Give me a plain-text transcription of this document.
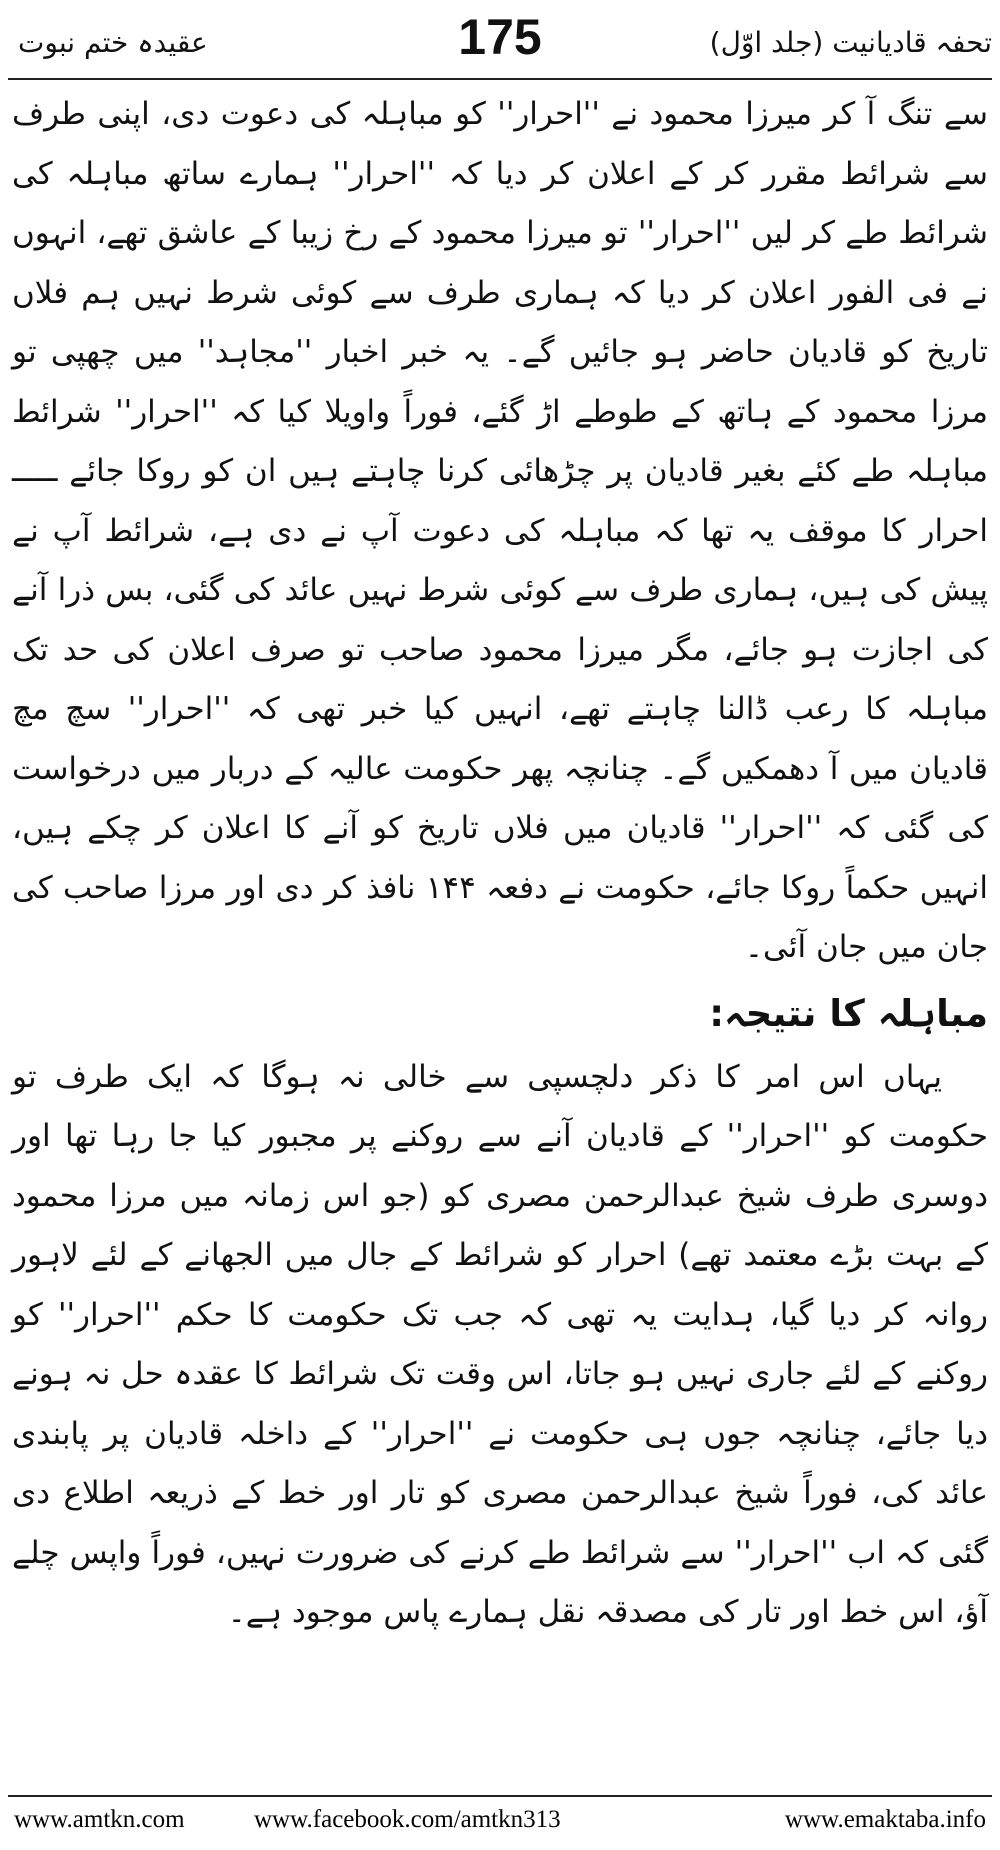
تحفہ قادیانیت (جلد اوّل)
175
عقیدہ ختم نبوت

سے تنگ آ کر میرزا محمود نے ''احرار'' کو مباہلہ کی دعوت دی، اپنی طرف سے شرائط مقرر کر کے اعلان کر دیا کہ ''احرار'' ہمارے ساتھ مباہلہ کی شرائط طے کر لیں ''احرار'' تو میرزا محمود کے رخ زیبا کے عاشق تھے، انہوں نے فی الفور اعلان کر دیا کہ ہماری طرف سے کوئی شرط نہیں ہم فلاں تاریخ کو قادیان حاضر ہو جائیں گے۔ یہ خبر اخبار ''مجاہد'' میں چھپی تو مرزا محمود کے ہاتھ کے طوطے اڑ گئے، فوراً واویلا کیا کہ ''احرار'' شرائط مباہلہ طے کئے بغیر قادیان پر چڑھائی کرنا چاہتے ہیں ان کو روکا جائے ـــــ احرار کا موقف یہ تھا کہ مباہلہ کی دعوت آپ نے دی ہے، شرائط آپ نے پیش کی ہیں، ہماری طرف سے کوئی شرط نہیں عائد کی گئی، بس ذرا آنے کی اجازت ہو جائے، مگر میرزا محمود صاحب تو صرف اعلان کی حد تک مباہلہ کا رعب ڈالنا چاہتے تھے، انہیں کیا خبر تھی کہ ''احرار'' سچ مچ قادیان میں آ دھمکیں گے۔ چنانچہ پھر حکومت عالیہ کے دربار میں درخواست کی گئی کہ ''احرار'' قادیان میں فلاں تاریخ کو آنے کا اعلان کر چکے ہیں، انہیں حکماً روکا جائے، حکومت نے دفعہ ۱۴۴ نافذ کر دی اور مرزا صاحب کی جان میں جان آئی۔

مباہلہ کا نتیجہ:

یہاں اس امر کا ذکر دلچسپی سے خالی نہ ہوگا کہ ایک طرف تو حکومت کو ''احرار'' کے قادیان آنے سے روکنے پر مجبور کیا جا رہا تھا اور دوسری طرف شیخ عبدالرحمن مصری کو (جو اس زمانہ میں مرزا محمود کے بہت بڑے معتمد تھے) احرار کو شرائط کے جال میں الجھانے کے لئے لاہور روانہ کر دیا گیا، ہدایت یہ تھی کہ جب تک حکومت کا حکم ''احرار'' کو روکنے کے لئے جاری نہیں ہو جاتا، اس وقت تک شرائط کا عقدہ حل نہ ہونے دیا جائے، چنانچہ جوں ہی حکومت نے ''احرار'' کے داخلہ قادیان پر پابندی عائد کی، فوراً شیخ عبدالرحمن مصری کو تار اور خط کے ذریعہ اطلاع دی گئی کہ اب ''احرار'' سے شرائط طے کرنے کی ضرورت نہیں، فوراً واپس چلے آؤ، اس خط اور تار کی مصدقہ نقل ہمارے پاس موجود ہے۔

www.amtkn.com	www.facebook.com/amtkn313	www.emaktaba.info
